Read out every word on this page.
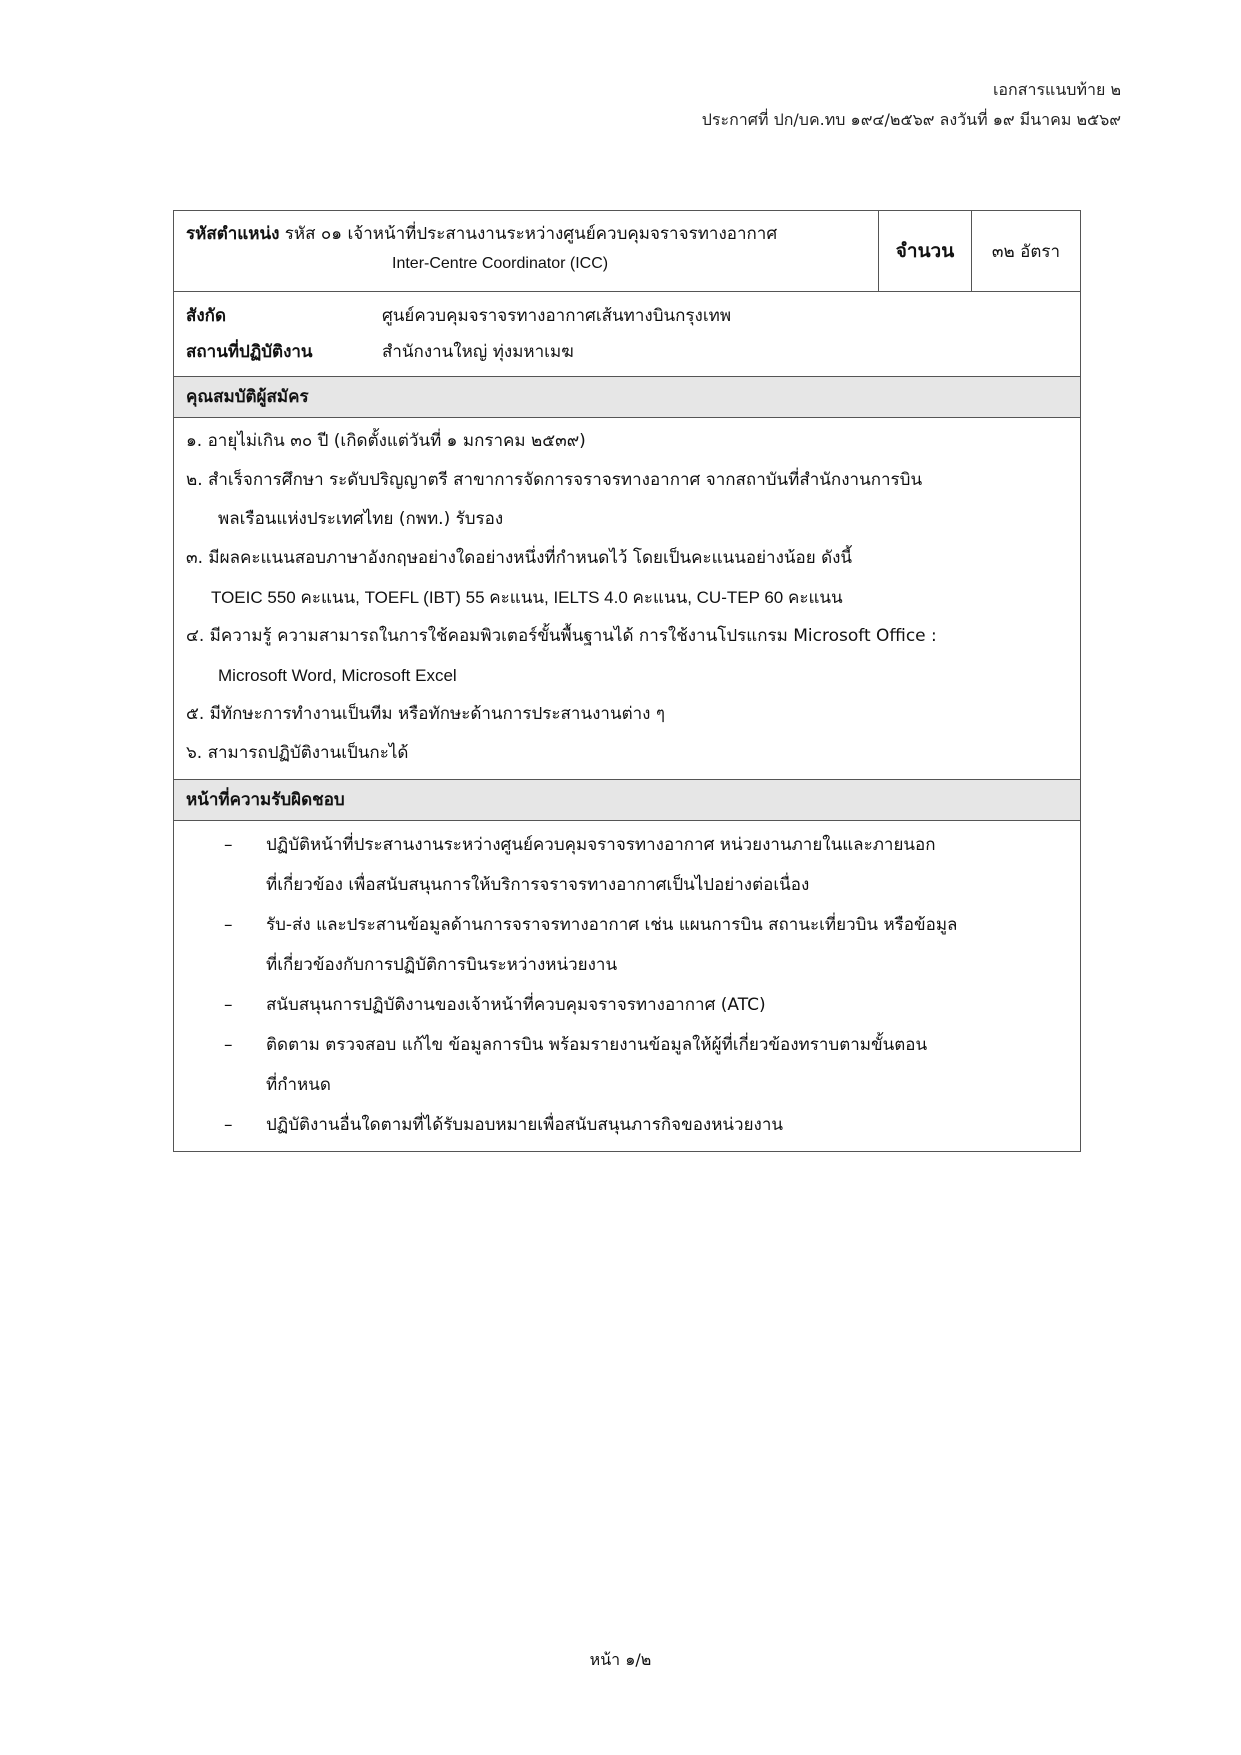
เอกสารแนบท้าย ๒
ประกาศที่ ปก/บค.ทบ ๑๙๔/๒๕๖๙ ลงวันที่ ๑๙ มีนาคม ๒๕๖๙
รหัสตำแหน่ง รหัส ๐๑ เจ้าหน้าที่ประสานงานระหว่างศูนย์ควบคุมจราจรทางอากาศ
Inter-Centre Coordinator (ICC)
	จำนวน	๓๒ อัตรา

สังกัด	ศูนย์ควบคุมจราจรทางอากาศเส้นทางบินกรุงเทพ
สถานที่ปฏิบัติงาน	สำนักงานใหญ่ ทุ่งมหาเมฆ

คุณสมบัติผู้สมัคร

๑. อายุไม่เกิน ๓๐ ปี (เกิดตั้งแต่วันที่ ๑ มกราคม ๒๕๓๙)
๒. สำเร็จการศึกษา ระดับปริญญาตรี สาขาการจัดการจราจรทางอากาศ จากสถาบันที่สำนักงานการบิน
พลเรือนแห่งประเทศไทย (กพท.) รับรอง
๓. มีผลคะแนนสอบภาษาอังกฤษอย่างใดอย่างหนึ่งที่กำหนดไว้ โดยเป็นคะแนนอย่างน้อย ดังนี้
TOEIC 550 คะแนน, TOEFL (IBT) 55 คะแนน, IELTS 4.0 คะแนน, CU-TEP 60 คะแนน
๔. มีความรู้ ความสามารถในการใช้คอมพิวเตอร์ขั้นพื้นฐานได้ การใช้งานโปรแกรม Microsoft Office :
Microsoft Word, Microsoft Excel
๕. มีทักษะการทำงานเป็นทีม หรือทักษะด้านการประสานงานต่าง ๆ
๖. สามารถปฏิบัติงานเป็นกะได้

หน้าที่ความรับผิดชอบ

–	ปฏิบัติหน้าที่ประสานงานระหว่างศูนย์ควบคุมจราจรทางอากาศ หน่วยงานภายในและภายนอก
ที่เกี่ยวข้อง เพื่อสนับสนุนการให้บริการจราจรทางอากาศเป็นไปอย่างต่อเนื่อง
–	รับ-ส่ง และประสานข้อมูลด้านการจราจรทางอากาศ เช่น แผนการบิน สถานะเที่ยวบิน หรือข้อมูล
ที่เกี่ยวข้องกับการปฏิบัติการบินระหว่างหน่วยงาน
–	สนับสนุนการปฏิบัติงานของเจ้าหน้าที่ควบคุมจราจรทางอากาศ (ATC)
–	ติดตาม ตรวจสอบ แก้ไข ข้อมูลการบิน พร้อมรายงานข้อมูลให้ผู้ที่เกี่ยวข้องทราบตามขั้นตอน
ที่กำหนด
–	ปฏิบัติงานอื่นใดตามที่ได้รับมอบหมายเพื่อสนับสนุนภารกิจของหน่วยงาน
หน้า ๑/๒
